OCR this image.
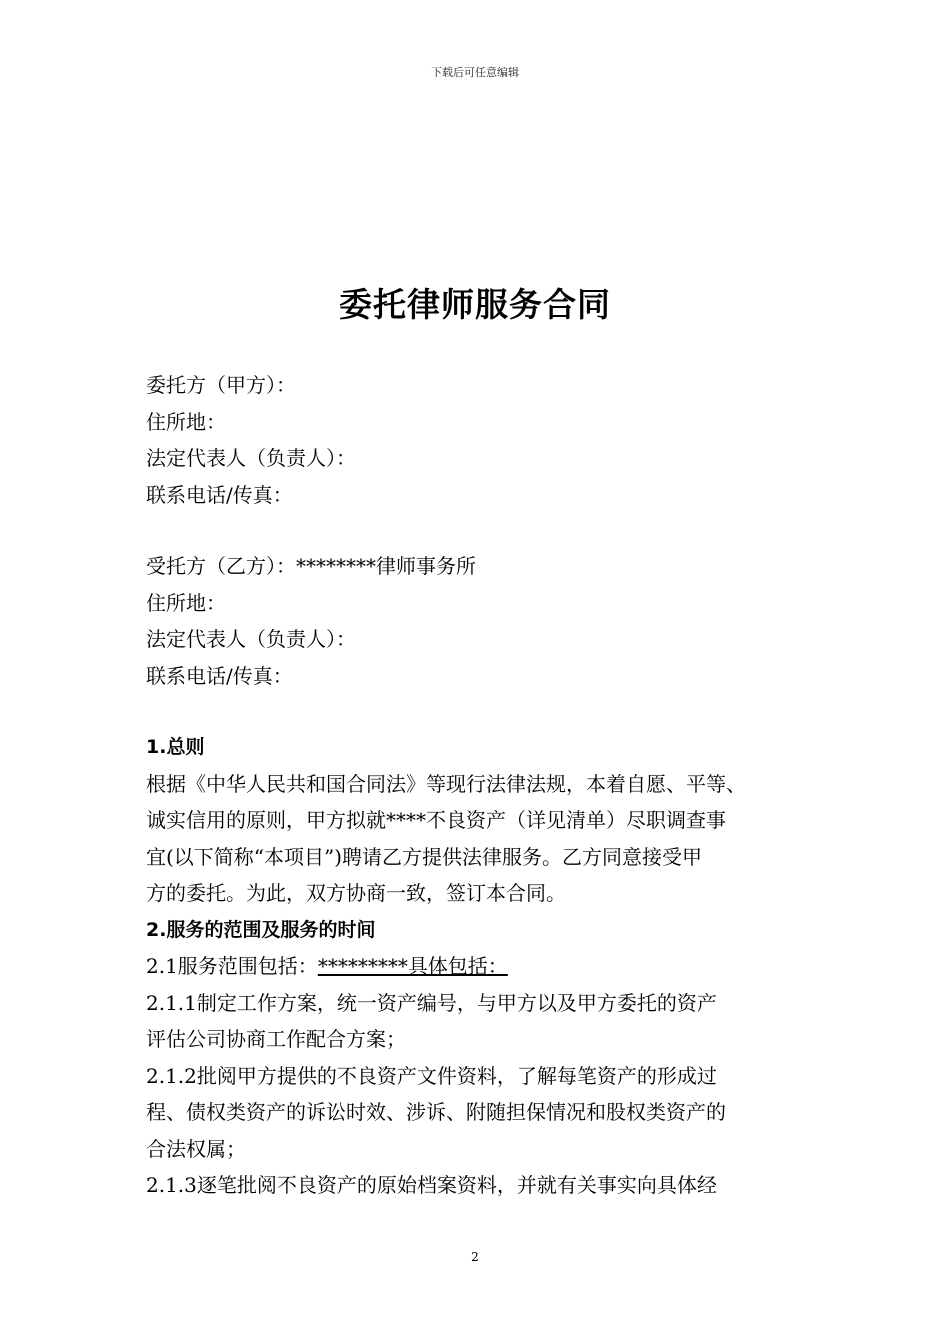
下载后可任意编辑
委托律师服务合同
委托方（甲方）：
住所地：
法定代表人（负责人）：
联系电话/传真：
受托方（乙方）：********律师事务所
住所地：
法定代表人（负责人）：
联系电话/传真：
1.总则
根据《中华人民共和国合同法》等现行法律法规，本着自愿、平等、
诚实信用的原则，甲方拟就****不良资产（详见清单）尽职调查事
宜(以下简称“本项目”)聘请乙方提供法律服务。乙方同意接受甲
方的委托。为此，双方协商一致，签订本合同。
2.服务的范围及服务的时间
2.1服务范围包括：*********具体包括：
2.1.1制定工作方案，统一资产编号，与甲方以及甲方委托的资产
评估公司协商工作配合方案；
2.1.2批阅甲方提供的不良资产文件资料，了解每笔资产的形成过
程、债权类资产的诉讼时效、涉诉、附随担保情况和股权类资产的
合法权属；
2.1.3逐笔批阅不良资产的原始档案资料，并就有关事实向具体经
2
